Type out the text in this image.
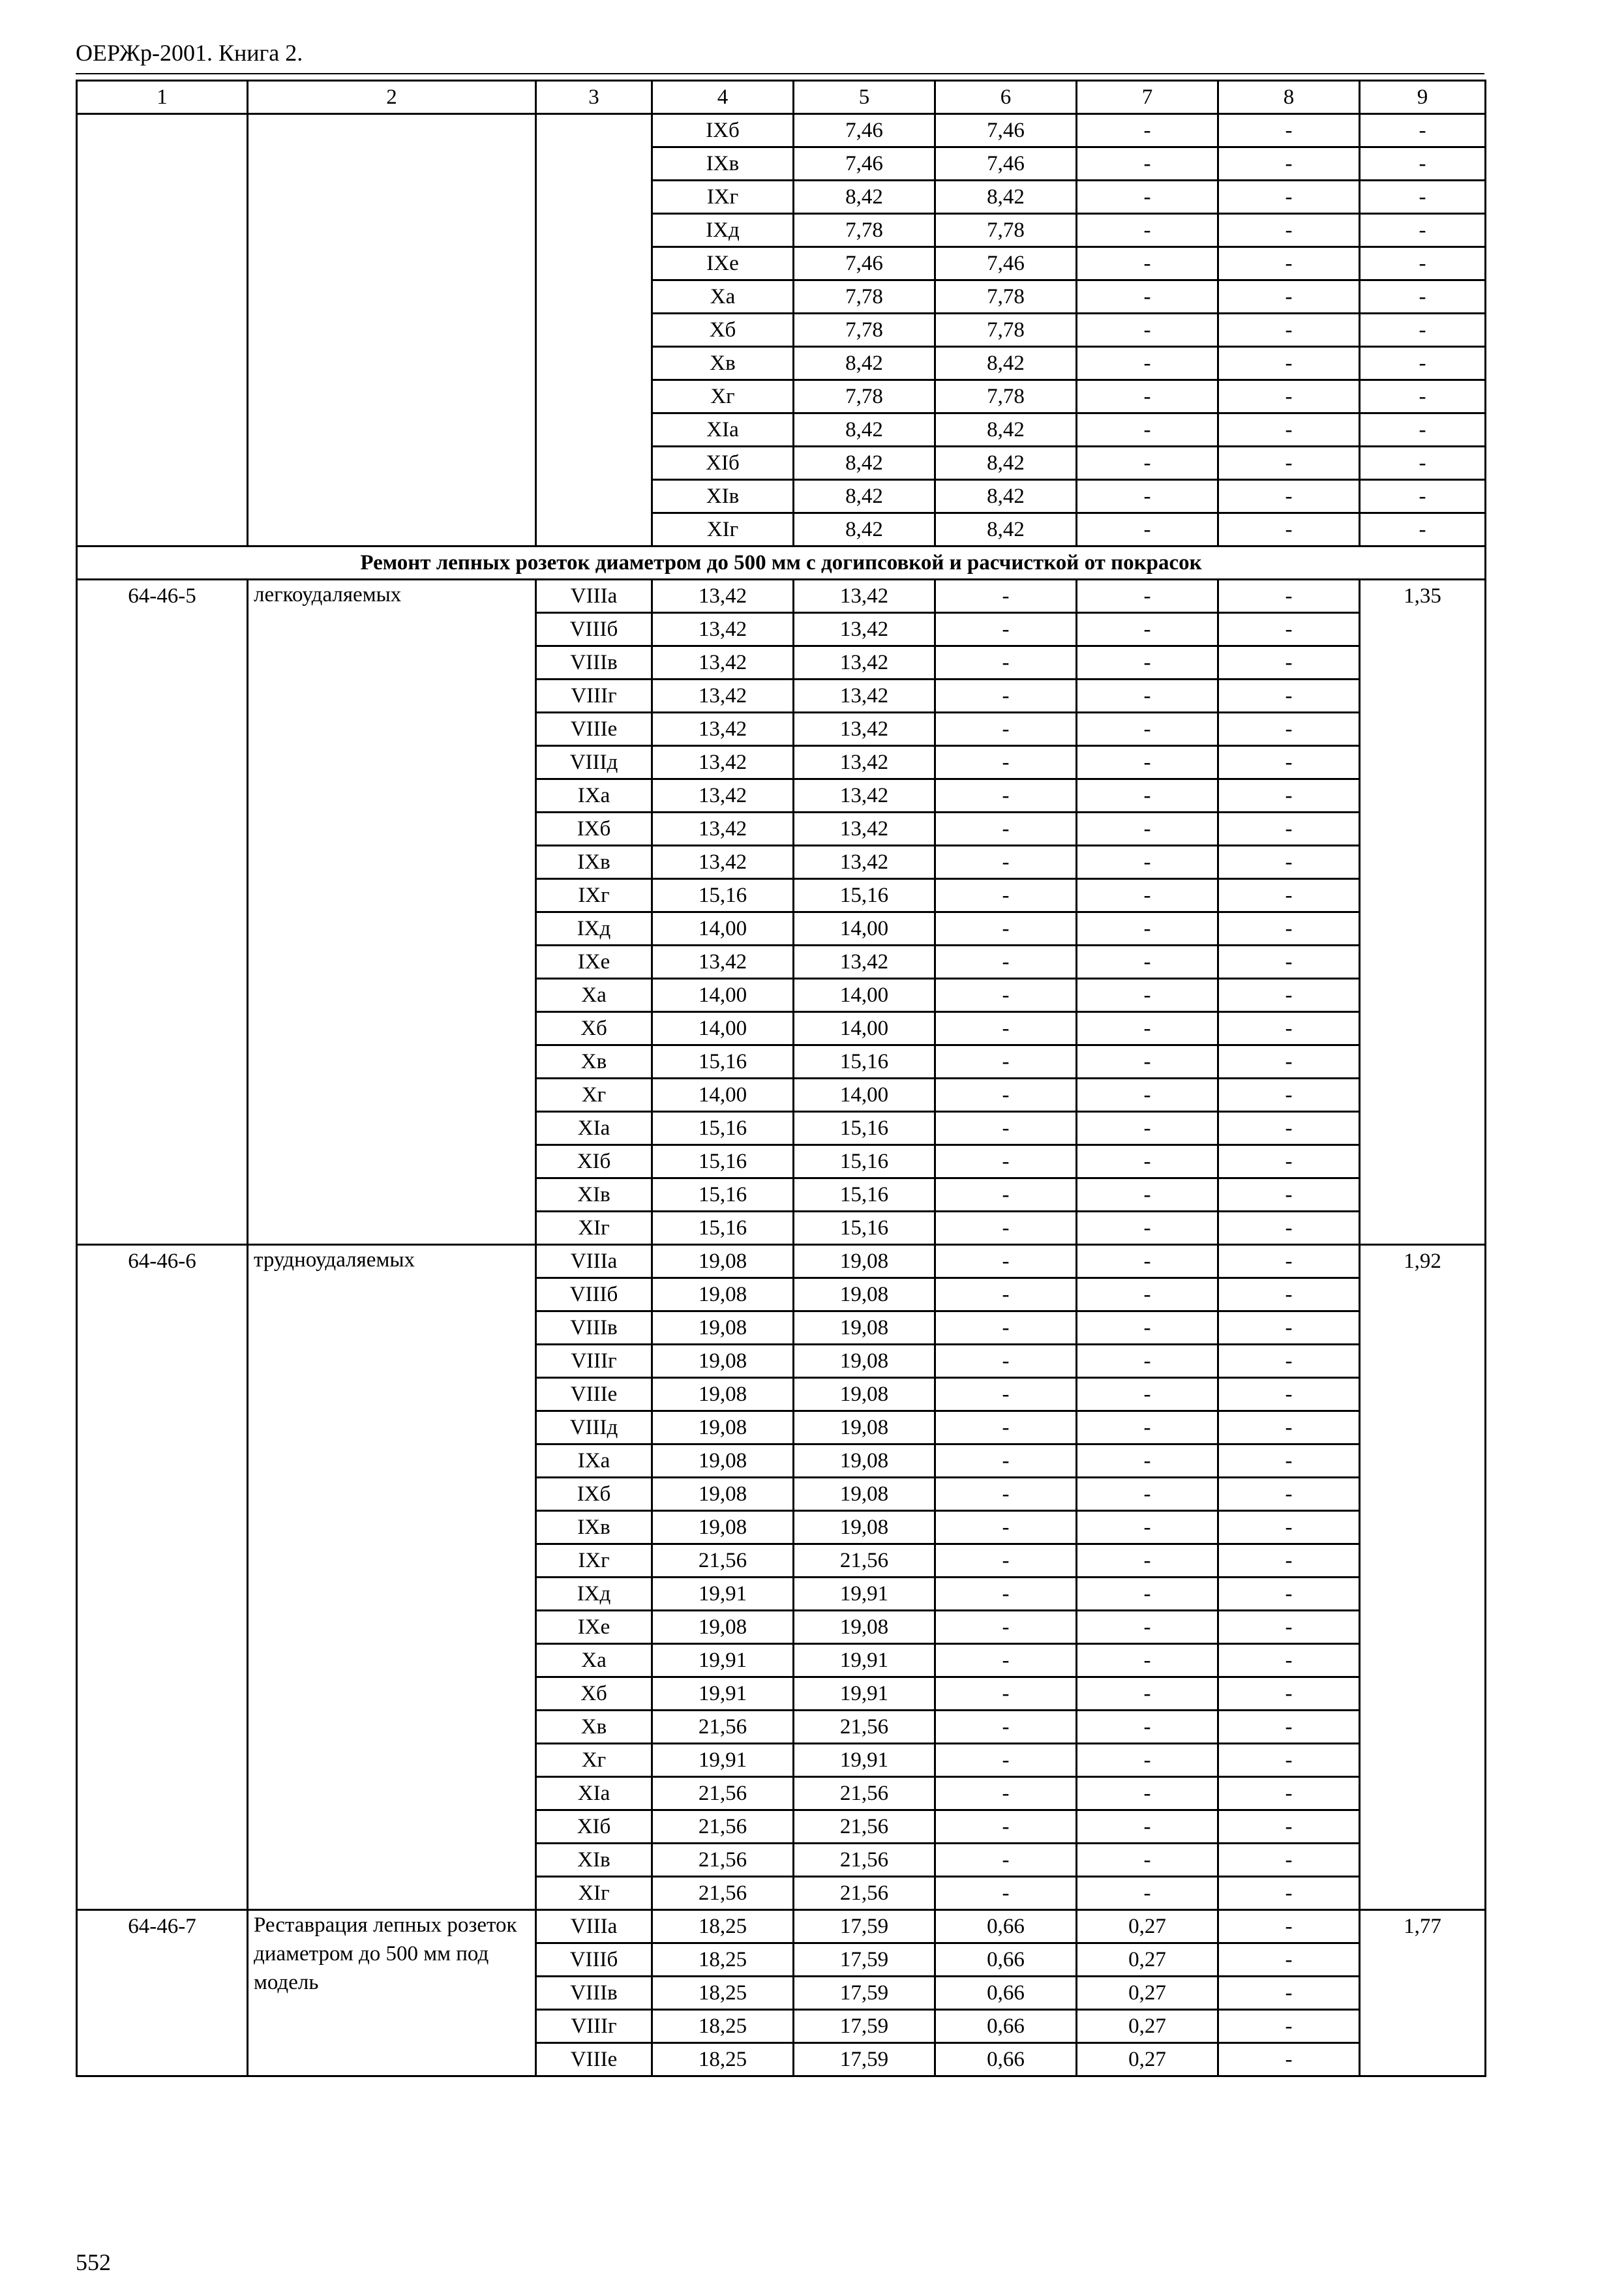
ОЕРЖр-2001. Книга 2.
1	2	3	4	5	6	7	8	9

			IXб	7,46	7,46	-	-	-
			IXв	7,46	7,46	-	-	-
			IXг	8,42	8,42	-	-	-
			IXд	7,78	7,78	-	-	-
			IXе	7,46	7,46	-	-	-
			Xа	7,78	7,78	-	-	-
			Xб	7,78	7,78	-	-	-
			Xв	8,42	8,42	-	-	-
			Xг	7,78	7,78	-	-	-
			XIа	8,42	8,42	-	-	-
			XIб	8,42	8,42	-	-	-
			XIв	8,42	8,42	-	-	-
			XIг	8,42	8,42	-	-	-
Ремонт лепных розеток диаметром до 500 мм с догипсовкой и расчисткой от покрасок								
64-46-5	легкоудаляемых	VIIIа	13,42	13,42	-	-	-	1,35
		VIIIб	13,42	13,42	-	-	-	
		VIIIв	13,42	13,42	-	-	-	
		VIIIг	13,42	13,42	-	-	-	
		VIIIе	13,42	13,42	-	-	-	
		VIIIд	13,42	13,42	-	-	-	
		IXа	13,42	13,42	-	-	-	
		IXб	13,42	13,42	-	-	-	
		IXв	13,42	13,42	-	-	-	
		IXг	15,16	15,16	-	-	-	
		IXд	14,00	14,00	-	-	-	
		IXе	13,42	13,42	-	-	-	
		Xа	14,00	14,00	-	-	-	
		Xб	14,00	14,00	-	-	-	
		Xв	15,16	15,16	-	-	-	
		Xг	14,00	14,00	-	-	-	
		XIа	15,16	15,16	-	-	-	
		XIб	15,16	15,16	-	-	-	
		XIв	15,16	15,16	-	-	-	
		XIг	15,16	15,16	-	-	-	
64-46-6	трудноудаляемых	VIIIа	19,08	19,08	-	-	-	1,92
		VIIIб	19,08	19,08	-	-	-	
		VIIIв	19,08	19,08	-	-	-	
		VIIIг	19,08	19,08	-	-	-	
		VIIIе	19,08	19,08	-	-	-	
		VIIIд	19,08	19,08	-	-	-	
		IXа	19,08	19,08	-	-	-	
		IXб	19,08	19,08	-	-	-	
		IXв	19,08	19,08	-	-	-	
		IXг	21,56	21,56	-	-	-	
		IXд	19,91	19,91	-	-	-	
		IXе	19,08	19,08	-	-	-	
		Xа	19,91	19,91	-	-	-	
		Xб	19,91	19,91	-	-	-	
		Xв	21,56	21,56	-	-	-	
		Xг	19,91	19,91	-	-	-	
		XIа	21,56	21,56	-	-	-	
		XIб	21,56	21,56	-	-	-	
		XIв	21,56	21,56	-	-	-	
		XIг	21,56	21,56	-	-	-	
64-46-7	Реставрация лепных розеток диаметром до 500 мм под модель	VIIIа	18,25	17,59	0,66	0,27	-	1,77
		VIIIб	18,25	17,59	0,66	0,27	-	
		VIIIв	18,25	17,59	0,66	0,27	-	
		VIIIг	18,25	17,59	0,66	0,27	-	
		VIIIе	18,25	17,59	0,66	0,27	-	
552
